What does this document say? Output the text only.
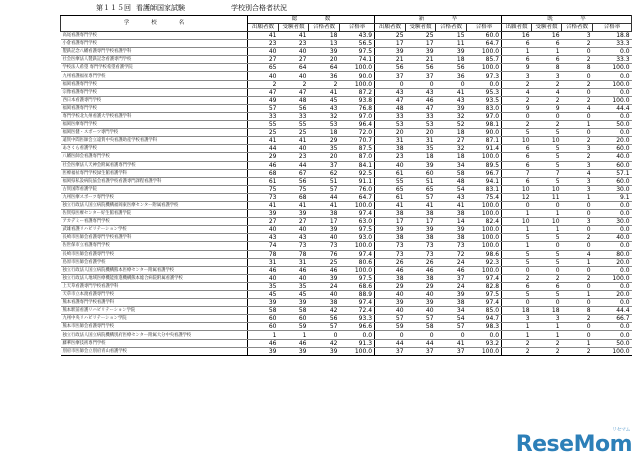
第１１５回 看護師国家試験	学校別合格者状況
学　　　　校　　　　名	総　　　　　数				新　　　　　卒				既　　　　　卒			
	出願者数	受験者数	合格者数	合格率	出願者数	受験者数	合格者数	合格率	出願者数	受験者数	合格者数	合格率
高尾看護専門学校	41	41	18	43.9	25	25	15	60.0	16	16	3	18.8
小倉看護専門学校	23	23	13	56.5	17	17	11	64.7	6	6	2	33.3
製鉄記念八幡看護専門学校看護学科	40	40	39	97.5	39	39	39	100.0	1	1	0	0.0
社会医療法人製鉄記念看護専門学校	27	27	20	74.1	21	21	18	85.7	6	6	2	33.3
学校法人希望 専門学校希望看護学院	65	64	64	100.0	56	56	56	100.0	9	8	8	100.0
九州看護福祉専門学校	40	40	36	90.0	37	37	36	97.3	3	3	0	0.0
福岡看護専門学校	2	2	2	100.0	0	0	0	0.0	2	2	2	100.0
宗像看護専門学校	47	47	41	87.2	43	43	41	95.3	4	4	0	0.0
西日本看護専門学校	49	48	45	93.8	47	46	43	93.5	2	2	2	100.0
福岡看護専門学校	57	56	43	76.8	48	47	39	83.0	9	9	4	44.4
専門学校北九州看護大学校看護学科	33	33	32	97.0	33	33	32	97.0	0	0	0	0.0
福岡医療専門学校	55	55	53	96.4	53	53	52	98.1	2	2	1	50.0
福岡医健・スポーツ専門学校	25	25	18	72.0	20	20	18	90.0	5	5	0	0.0
遠賀中間医師会立遠賀中央看護助産学校看護学科	41	41	29	70.7	31	31	27	87.1	10	10	2	20.0
あさくら看護学校	44	40	35	87.5	38	35	32	91.4	6	5	3	60.0
八幡医師会看護専門学校	29	23	20	87.0	23	18	18	100.0	6	5	2	40.0
社会医療法人天神会附属看護専門学校	46	44	37	84.1	40	39	34	89.5	6	5	3	60.0
医療福祉専門学校緑生館看護学科	68	67	62	92.5	61	60	58	96.7	7	7	4	57.1
福岡県私設病院協会看護学校看護専門課程看護学科	61	56	51	91.1	55	51	48	94.1	6	5	3	60.0
古賀国際看護学院	75	75	57	76.0	65	65	54	83.1	10	10	3	30.0
九州医療スポーツ専門学校	73	68	44	64.7	61	57	43	75.4	12	11	1	9.1
独立行政法人国立病院機構福岡東医療センター附属看護学校	41	41	41	100.0	41	41	41	100.0	0	0	0	0.0
佐賀県医療センター好生館看護学院	39	39	38	97.4	38	38	38	100.0	1	1	0	0.0
アカデミー看護専門学校	27	27	17	63.0	17	17	14	82.4	10	10	3	30.0
武雄看護リハビリテーション学校	40	40	39	97.5	39	39	39	100.0	1	1	0	0.0
長崎市医師会看護専門学校看護学科	43	43	40	93.0	38	38	38	100.0	5	5	2	40.0
佐世保市立看護専門学校	74	73	73	100.0	73	73	73	100.0	1	0	0	0.0
長崎市医師会看護専門学校	78	78	76	97.4	73	73	72	98.6	5	5	4	80.0
島原市医師会看護学校	31	31	25	80.6	26	26	24	92.3	5	5	1	20.0
独立行政法人国立病院機構熊本医療センター附属看護学校	46	46	46	100.0	46	46	46	100.0	0	0	0	0.0
独立行政法人地域医療機能推進機構熊本総合病院附属看護学校	40	40	39	97.5	38	38	37	97.4	2	2	2	100.0
上天草看護専門学校看護学科	35	35	24	68.6	29	29	24	82.8	6	6	0	0.0
天草市立本渡看護専門学校	45	45	40	88.9	40	40	39	97.5	5	5	1	20.0
熊本看護専門学校看護学科	39	39	38	97.4	39	39	38	97.4	0	0	0	0.0
熊本駅前看護リハビリテーション学院	58	58	42	72.4	40	40	34	85.0	18	18	8	44.4
九州中央リハビリテーション学院	60	60	56	93.3	57	57	54	94.7	3	3	2	66.7
熊本市医師会看護専門学校	60	59	57	96.6	59	58	57	98.3	1	1	0	0.0
独立行政法人国立病院機構別府医療センター附属大分中央看護学校	1	1	0	0.0	0	0	0	0.0	1	1	0	0.0
藤華医療技術専門学校	46	46	42	91.3	44	44	41	93.2	2	2	1	50.0
別府市医師会立別府青山看護学校	39	39	39	100.0	37	37	37	100.0	2	2	2	100.0
リセマム
ReseMom
